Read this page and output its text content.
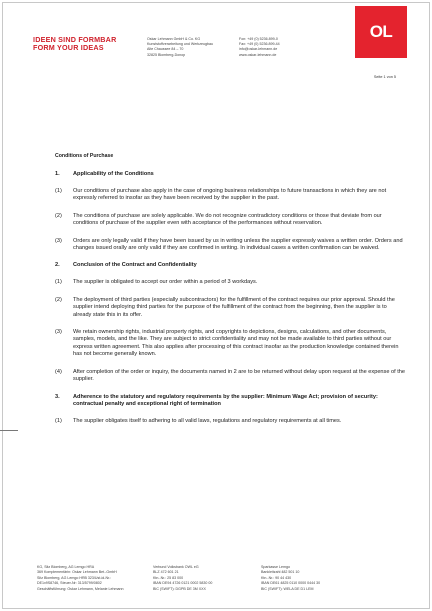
IDEEN SIND FORMBAR
FORM YOUR IDEAS
Oskar Lehmann GmbH & Co. KG
Kunststoffverarbeitung und Werkzeugbau
Alte Chaussee 84 – 70
32825 Blomberg-Donop
Fon: +49 (0) 5236.899-0
Fax: +49 (0) 5236.899-44
info@oskar-lehmann.de
www.oskar-lehmann.de
OL
Seite 1 von 5
Conditions of Purchase
1. Applicability of the Conditions
(1) Our conditions of purchase also apply in the case of ongoing business relationships to future transactions in which they are not expressly referred to insofar as they have been received by the supplier in the past.
(2) The conditions of purchase are solely applicable. We do not recognize contradictory conditions or those that deviate from our conditions of purchase of the supplier even with acceptance of the performances without reservation.
(3) Orders are only legally valid if they have been issued by us in writing unless the supplier expressly waives a written order. Orders and changes issued orally are only valid if they are confirmed in writing. In individual cases a written confirmation can be waived.
2. Conclusion of the Contract and Confidentiality
(1) The supplier is obligated to accept our order within a period of 3 workdays.
(2) The deployment of third parties (especially subcontractors) for the fulfillment of the contract requires our prior approval. Should the supplier intend deploying third parties for the purpose of the fulfillment of the contract from the beginning, then the supplier is to already state this in its offer.
(3) We retain ownership rights, industrial property rights, and copyrights to depictions, designs, calculations, and other documents, samples, models, and the like. They are subject to strict confidentiality and may not be made available to third parties without our express written agreement. This also applies after processing of this contract insofar as the production knowledge contained therein has not become generally known.
(4) After completion of the order or inquiry, the documents named in 2 are to be returned without delay upon request at the expense of the supplier.
3. Adherence to the statutory and regulatory requirements by the supplier: Minimum Wage Act; provision of security: contractual penalty and exceptional right of termination
(1) The supplier obligates itself to adhering to all valid laws, regulations and regulatory requirements at all times.
KG, Sitz Blomberg, AG Lemgo HRA
369 Komplementärin: Oskar Lehmann Bet.-GmbH
Sitz Blomberg, AG Lemgo HRB 323/Ust-id-Nr.:
DE1x9S8746, Steuer-Nr: 313/5799/0802
Geschäftsführung: Oskar Lehmann, Melanie Lehmann
Verbund Volksbank OWL eG
BLZ 472 601 21
Ktn.-Nr.: 25 83 000
IBAN DE94 4726 0121 0002 5830 00
BIC (SWIFT): DGPB DE 3M XXX
Sparkasse Lemgo
Bankleitzahl 482 501 10
Ktn.-Nr.: 90 44 430
IBAN DE61 4825 0110 0000 0444 30
BIC (SWIFT): WELA DE D1 LEM
